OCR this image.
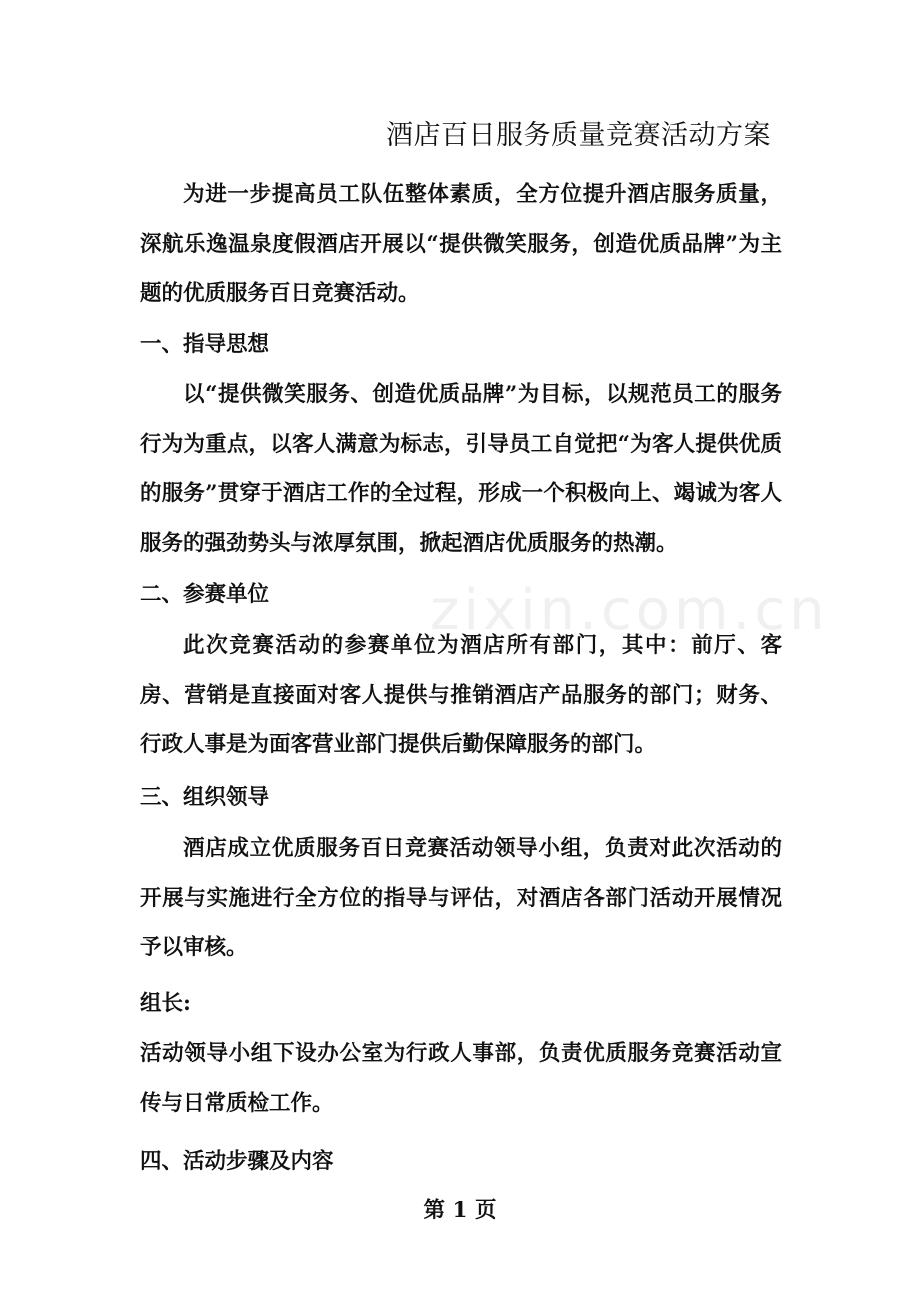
zixin.com.cn
酒店百日服务质量竞赛活动方案

为进一步提高员工队伍整体素质，全方位提升酒店服务质量，深航乐逸温泉度假酒店开展以“提供微笑服务，创造优质品牌”为主题的优质服务百日竞赛活动。

一、指导思想

以“提供微笑服务、创造优质品牌”为目标，以规范员工的服务行为为重点，以客人满意为标志，引导员工自觉把“为客人提供优质的服务”贯穿于酒店工作的全过程，形成一个积极向上、竭诚为客人服务的强劲势头与浓厚氛围，掀起酒店优质服务的热潮。

二、参赛单位

此次竞赛活动的参赛单位为酒店所有部门，其中：前厅、客房、营销是直接面对客人提供与推销酒店产品服务的部门；财务、行政人事是为面客营业部门提供后勤保障服务的部门。

三、组织领导

酒店成立优质服务百日竞赛活动领导小组，负责对此次活动的开展与实施进行全方位的指导与评估，对酒店各部门活动开展情况予以审核。

组长:

活动领导小组下设办公室为行政人事部，负责优质服务竞赛活动宣传与日常质检工作。

四、活动步骤及内容
第 1 页
